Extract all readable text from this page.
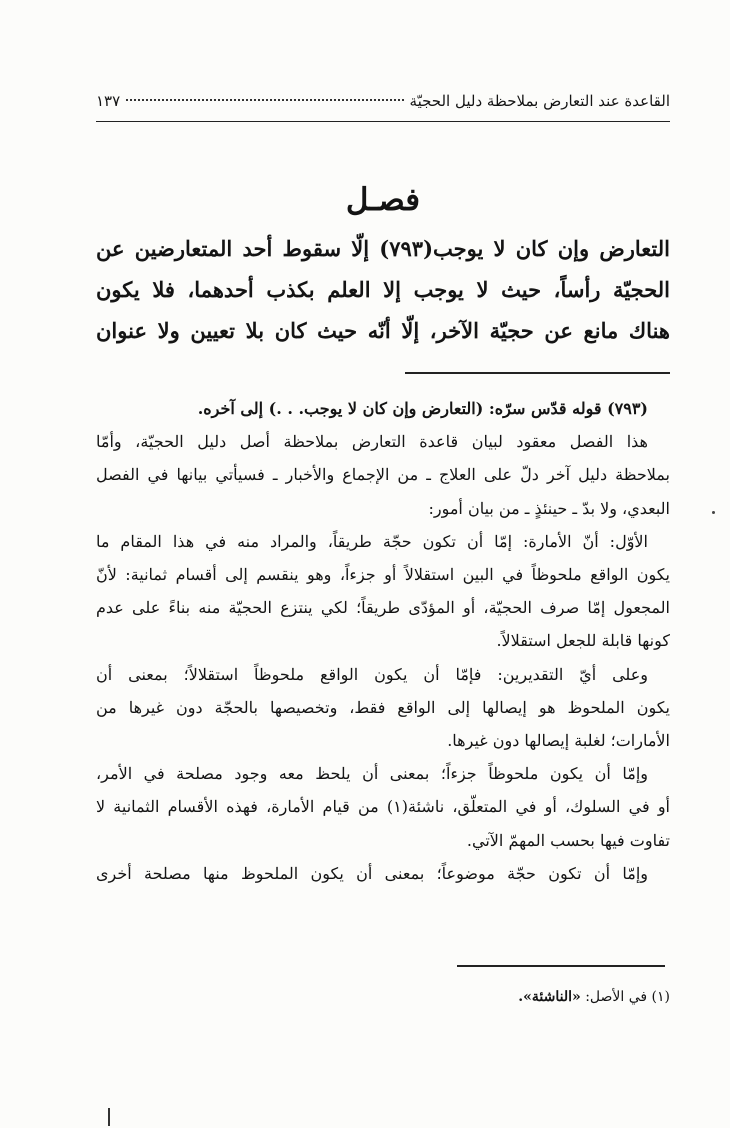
القاعدة عند التعارض بملاحظة دليل الحجيّة
١٣٧
فصـل
التعارض وإن كان لا يوجب(٧٩٣) إلّا سقوط أحد المتعارضين عن
الحجيّة رأساً، حيث لا يوجب إلا العلم بكذب أحدهما، فلا يكون
هناك مانع عن حجيّة الآخر، إلّا أنّه حيث كان بلا تعيين ولا عنوان
(٧٩٣) قوله قدّس سرّه: (التعارض وإن كان لا يوجب. . .) إلى آخره.
هذا الفصل معقود لبيان قاعدة التعارض بملاحظة أصل دليل الحجيّة، وأمّا
بملاحظة دليل آخر دلّ على العلاج ـ من الإجماع والأخبار ـ فسيأتي بيانها في الفصل
البعدي، ولا بدّ ـ حينئذٍ ـ من بيان أمور:
الأوّل: أنّ الأمارة: إمّا أن تكون حجّة طريقاً، والمراد منه في هذا المقام ما
يكون الواقع ملحوظاً في البين استقلالاً أو جزءاً، وهو ينقسم إلى أقسام ثمانية: لأنّ
المجعول إمّا صرف الحجيّة، أو المؤدّى طريقاً؛ لكي ينتزع الحجيّة منه بناءً على عدم
كونها قابلة للجعل استقلالاً.
وعلى أيّ التقديرين: فإمّا أن يكون الواقع ملحوظاً استقلالاً؛ بمعنى أن
يكون الملحوظ هو إيصالها إلى الواقع فقط، وتخصيصها بالحجّة دون غيرها من
الأمارات؛ لغلبة إيصالها دون غيرها.
وإمّا أن يكون ملحوظاً جزءاً؛ بمعنى أن يلحظ معه وجود مصلحة في الأمر،
أو في السلوك، أو في المتعلّق، ناشئة(١) من قيام الأمارة، فهذه الأقسام الثمانية لا
تفاوت فيها بحسب المهمّ الآتي.
وإمّا أن تكون حجّة موضوعاً؛ بمعنى أن يكون الملحوظ منها مصلحة أخرى
(١) في الأصل: «الناشئة».
